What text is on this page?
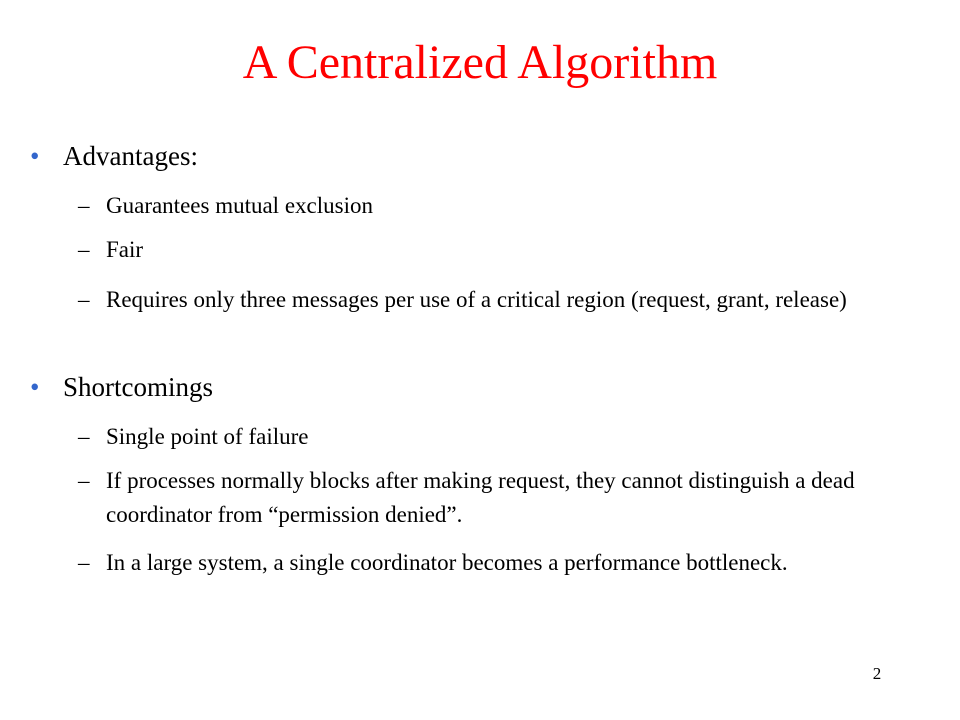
A Centralized Algorithm
• Advantages:
– Guarantees mutual exclusion
– Fair
– Requires only three messages per use of a critical region (request, grant, release)
• Shortcomings
– Single point of failure
– If processes normally blocks after making request, they cannot distinguish a dead coordinator from “permission denied”.
– In a large system, a single coordinator becomes a performance bottleneck.
2
